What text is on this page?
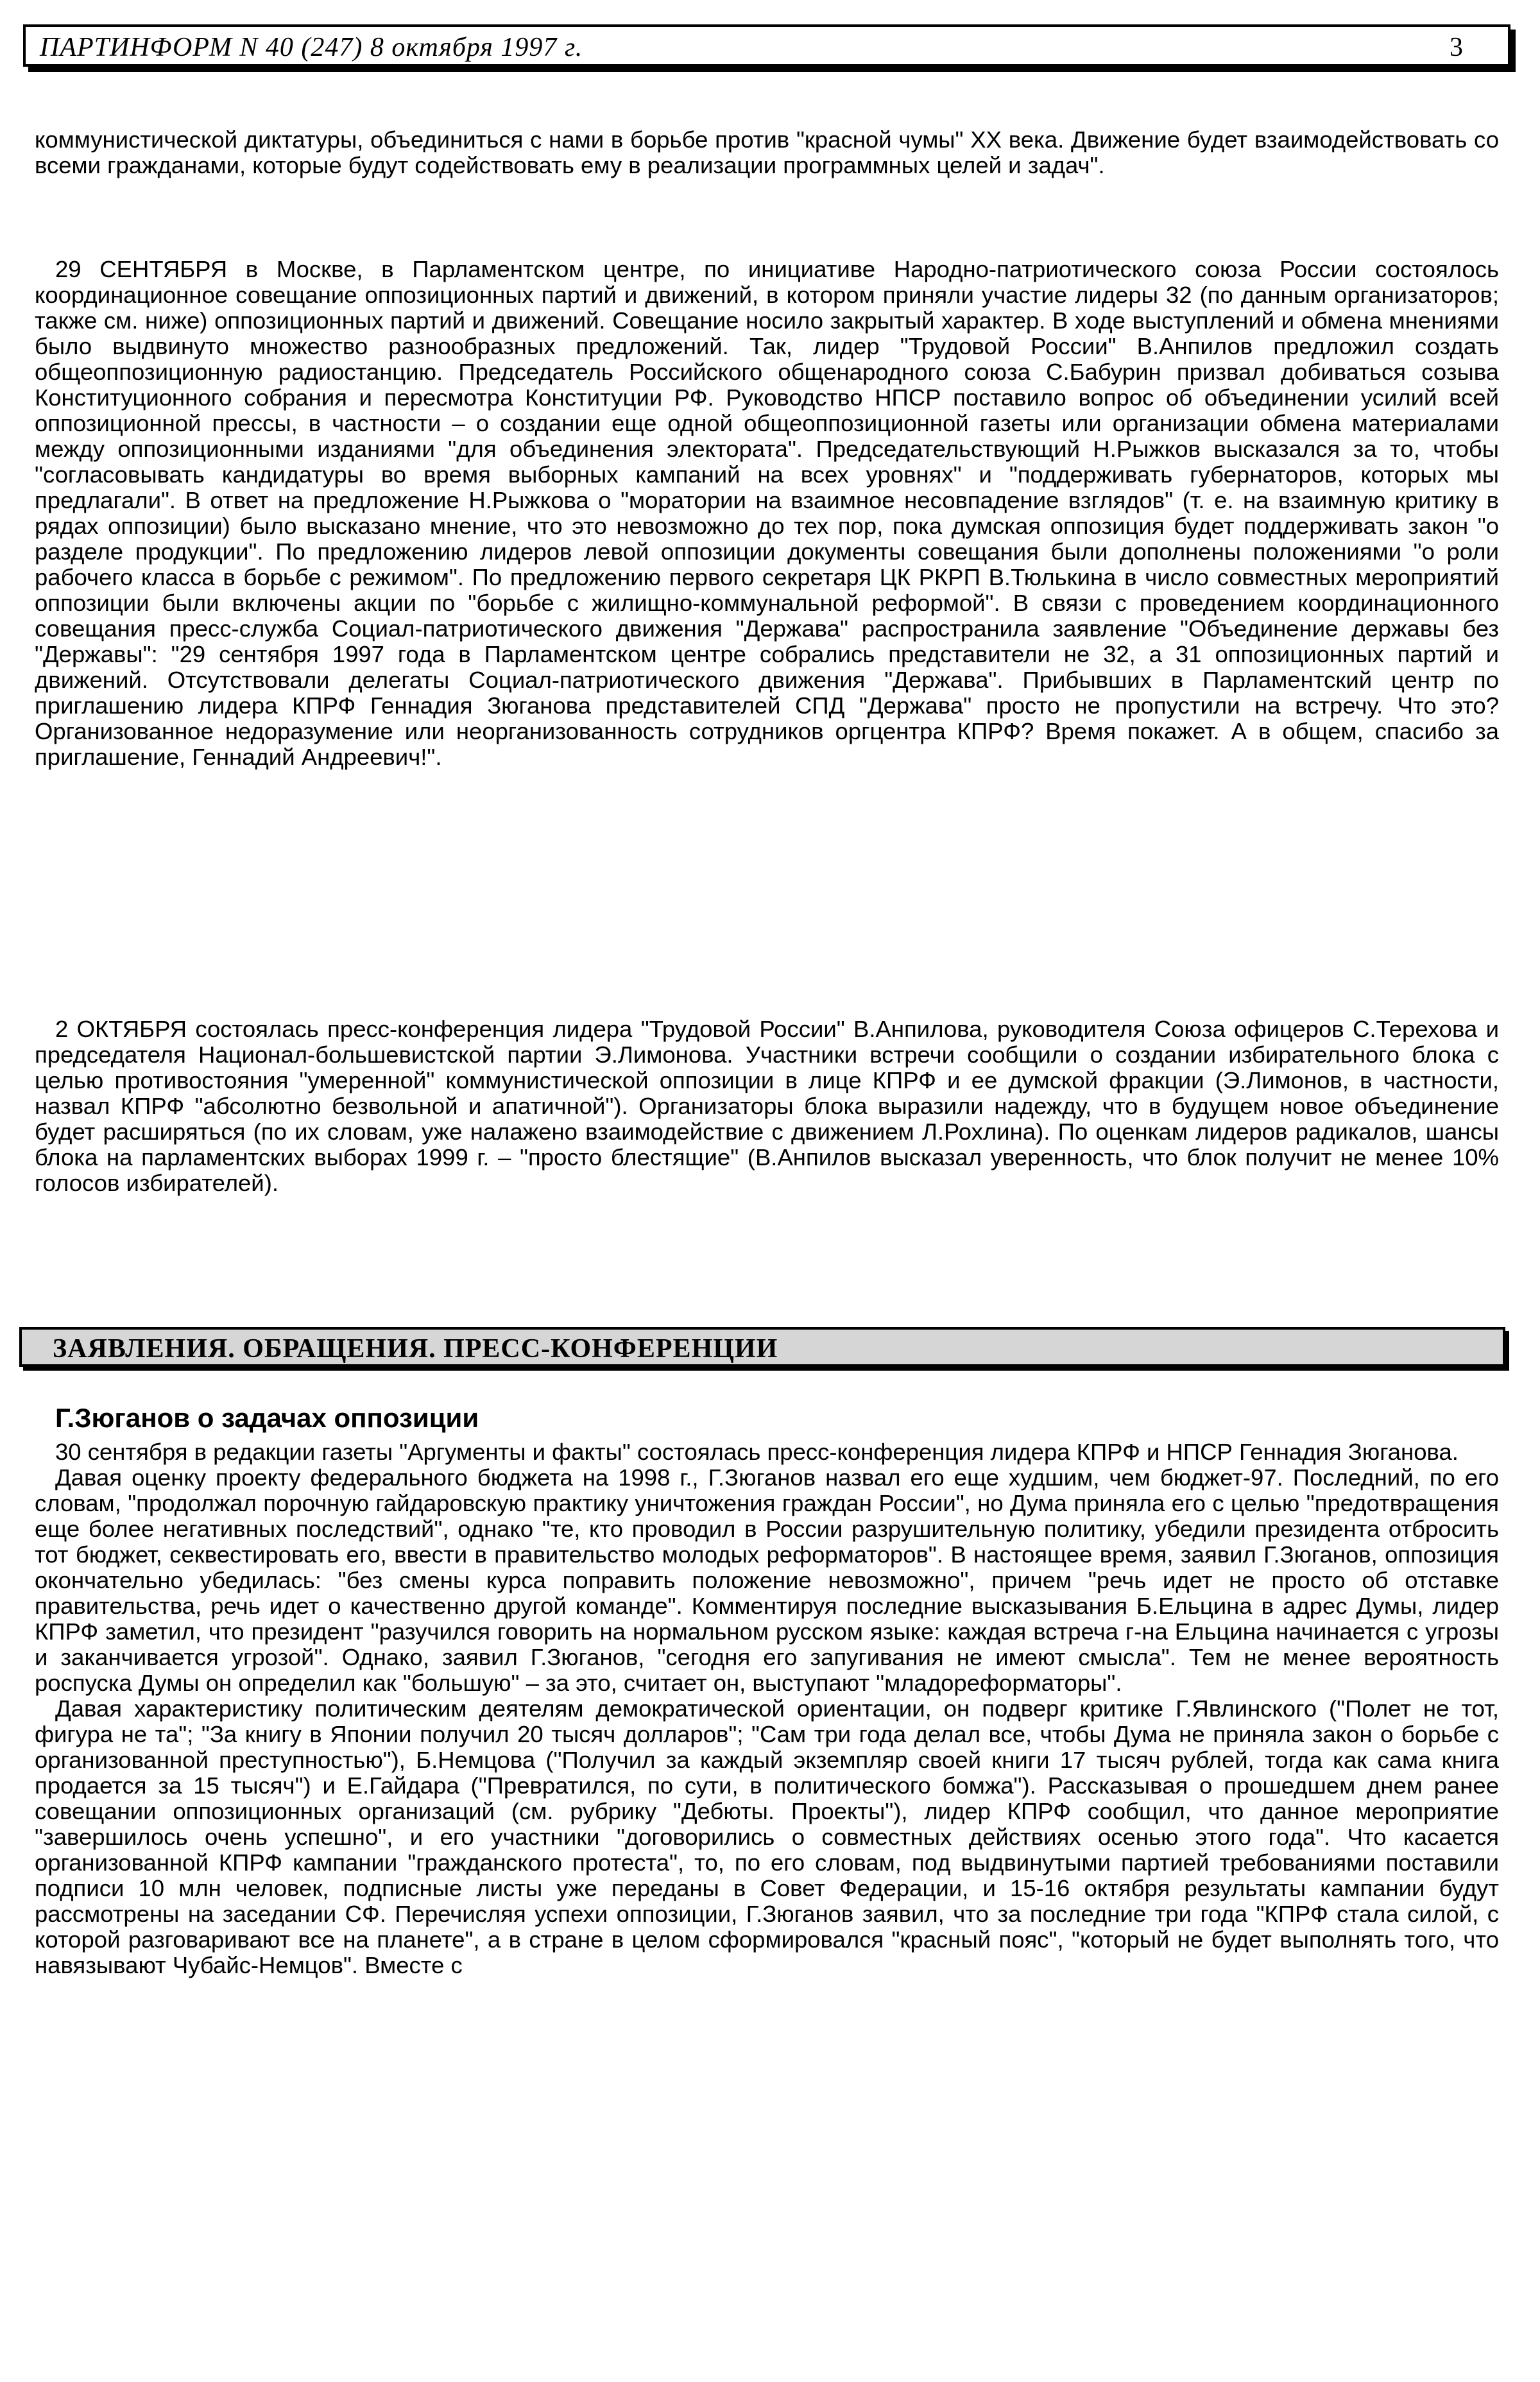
ПАРТИНФОРМ N 40 (247) 8 октября 1997 г.	3

коммунистической диктатуры, объединиться с нами в борьбе против "красной чумы" XX века. Движение будет взаимодействовать со всеми гражданами, которые будут содействовать ему в реализации программных целей и задач".

29 СЕНТЯБРЯ в Москве, в Парламентском центре, по инициативе Народно-патриотического союза России состоялось координационное совещание оппозиционных партий и движений, в котором приняли участие лидеры 32 (по данным организаторов; также см. ниже) оппозиционных партий и движений. Совещание носило закрытый характер. В ходе выступлений и обмена мнениями было выдвинуто множество разнообразных предложений. Так, лидер "Трудовой России" В.Анпилов предложил создать общеоппозиционную радиостанцию. Председатель Российского общенародного союза С.Бабурин призвал добиваться созыва Конституционного собрания и пересмотра Конституции РФ. Руководство НПСР поставило вопрос об объединении усилий всей оппозиционной прессы, в частности – о создании еще одной общеоппозиционной газеты или организации обмена материалами между оппозиционными изданиями "для объединения электората". Председательствующий Н.Рыжков высказался за то, чтобы "согласовывать кандидатуры во время выборных кампаний на всех уровнях" и "поддерживать губернаторов, которых мы предлагали". В ответ на предложение Н.Рыжкова о "моратории на взаимное несовпадение взглядов" (т. е. на взаимную критику в рядах оппозиции) было высказано мнение, что это невозможно до тех пор, пока думская оппозиция будет поддерживать закон "о разделе продукции". По предложению лидеров левой оппозиции документы совещания были дополнены положениями "о роли рабочего класса в борьбе с режимом". По предложению первого секретаря ЦК РКРП В.Тюлькина в число совместных мероприятий оппозиции были включены акции по "борьбе с жилищно-коммунальной реформой". В связи с проведением координационного совещания пресс-служба Социал-патриотического движения "Держава" распространила заявление "Объединение державы без "Державы": "29 сентября 1997 года в Парламентском центре собрались представители не 32, а 31 оппозиционных партий и движений. Отсутствовали делегаты Социал-патриотического движения "Держава". Прибывших в Парламентский центр по приглашению лидера КПРФ Геннадия Зюганова представителей СПД "Держава" просто не пропустили на встречу. Что это? Организованное недоразумение или неорганизованность сотрудников оргцентра КПРФ? Время покажет. А в общем, спасибо за приглашение, Геннадий Андреевич!".

2 ОКТЯБРЯ состоялась пресс-конференция лидера "Трудовой России" В.Анпилова, руководителя Союза офицеров С.Терехова и председателя Национал-большевистской партии Э.Лимонова. Участники встречи сообщили о создании избирательного блока с целью противостояния "умеренной" коммунистической оппозиции в лице КПРФ и ее думской фракции (Э.Лимонов, в частности, назвал КПРФ "абсолютно безвольной и апатичной"). Организаторы блока выразили надежду, что в будущем новое объединение будет расширяться (по их словам, уже налажено взаимодействие с движением Л.Рохлина). По оценкам лидеров радикалов, шансы блока на парламентских выборах 1999 г. – "просто блестящие" (В.Анпилов высказал уверенность, что блок получит не менее 10% голосов избирателей).

ЗАЯВЛЕНИЯ. ОБРАЩЕНИЯ. ПРЕСС-КОНФЕРЕНЦИИ
Г.Зюганов о задачах оппозиции

30 сентября в редакции газеты "Аргументы и факты" состоялась пресс-конференция лидера КПРФ и НПСР Геннадия Зюганова.

Давая оценку проекту федерального бюджета на 1998 г., Г.Зюганов назвал его еще худшим, чем бюджет-97. Последний, по его словам, "продолжал порочную гайдаровскую практику уничтожения граждан России", но Дума приняла его с целью "предотвращения еще более негативных последствий", однако "те, кто проводил в России разрушительную политику, убедили президента отбросить тот бюджет, секвестировать его, ввести в правительство молодых реформаторов". В настоящее время, заявил Г.Зюганов, оппозиция окончательно убедилась: "без смены курса поправить положение невозможно", причем "речь идет не просто об отставке правительства, речь идет о качественно другой команде". Комментируя последние высказывания Б.Ельцина в адрес Думы, лидер КПРФ заметил, что президент "разучился говорить на нормальном русском языке: каждая встреча г-на Ельцина начинается с угрозы и заканчивается угрозой". Однако, заявил Г.Зюганов, "сегодня его запугивания не имеют смысла". Тем не менее вероятность роспуска Думы он определил как "большую" – за это, считает он, выступают "младореформаторы".

Давая характеристику политическим деятелям демократической ориентации, он подверг критике Г.Явлинского ("Полет не тот, фигура не та"; "За книгу в Японии получил 20 тысяч долларов"; "Сам три года делал все, чтобы Дума не приняла закон о борьбе с организованной преступностью"), Б.Немцова ("Получил за каждый экземпляр своей книги 17 тысяч рублей, тогда как сама книга продается за 15 тысяч") и Е.Гайдара ("Превратился, по сути, в политического бомжа"). Рассказывая о прошедшем днем ранее совещании оппозиционных организаций (см. рубрику "Дебюты. Проекты"), лидер КПРФ сообщил, что данное мероприятие "завершилось очень успешно", и его участники "договорились о совместных действиях осенью этого года". Что касается организованной КПРФ кампании "гражданского протеста", то, по его словам, под выдвинутыми партией требованиями поставили подписи 10 млн человек, подписные листы уже переданы в Совет Федерации, и 15-16 октября результаты кампании будут рассмотрены на заседании СФ. Перечисляя успехи оппозиции, Г.Зюганов заявил, что за последние три года "КПРФ стала силой, с которой разговаривают все на планете", а в стране в целом сформировался "красный пояс", "который не будет выполнять того, что навязывают Чубайс-Немцов". Вместе с
